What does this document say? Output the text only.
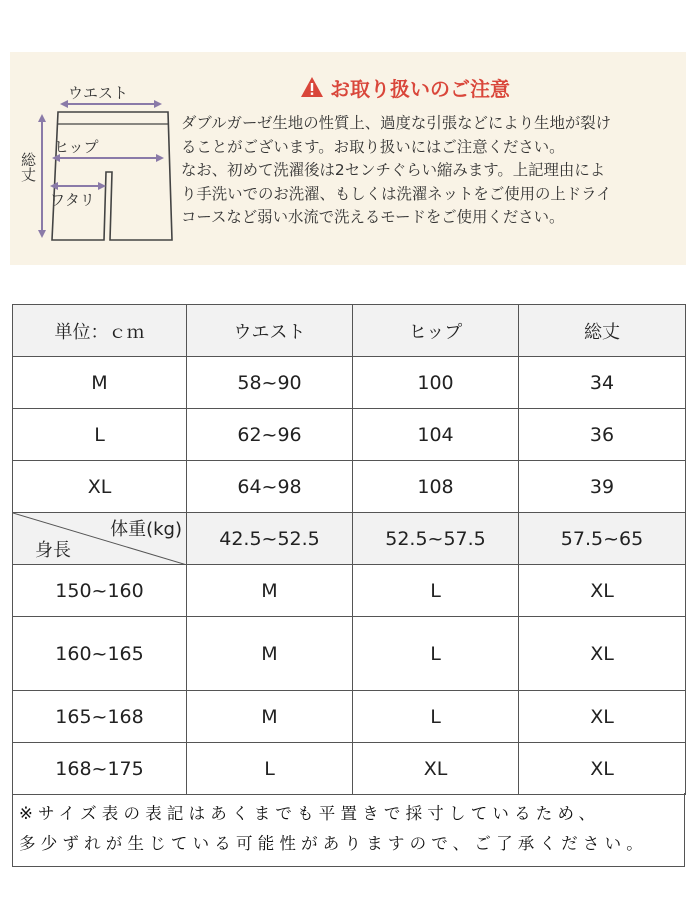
ウエスト
ヒップ
ワタリ
総丈
お取り扱いのご注意

ダブルガーゼ生地の性質上、過度な引張などにより生地が裂け

ることがございます。お取り扱いにはご注意ください。

なお、初めて洗濯後は2センチぐらい縮みます。上記理由によ

り手洗いでのお洗濯、もしくは洗濯ネットをご使用の上ドライ

コースなど弱い水流で洗えるモードをご使用ください。

単位：ｃｍ	ウエスト	ヒップ	総丈
M	58~90	100	34
L	62~96	104	36
XL	64~98	108	39
体重(kg)
身長	42.5~52.5	52.5~57.5	57.5~65
150~160	M	L	XL
160~165	M	L	XL
165~168	M	L	XL
168~175	L	XL	XL

※サイズ表の表記はあくまでも平置きで採寸しているため、

多少ずれが生じている可能性がありますので、ご了承ください。
